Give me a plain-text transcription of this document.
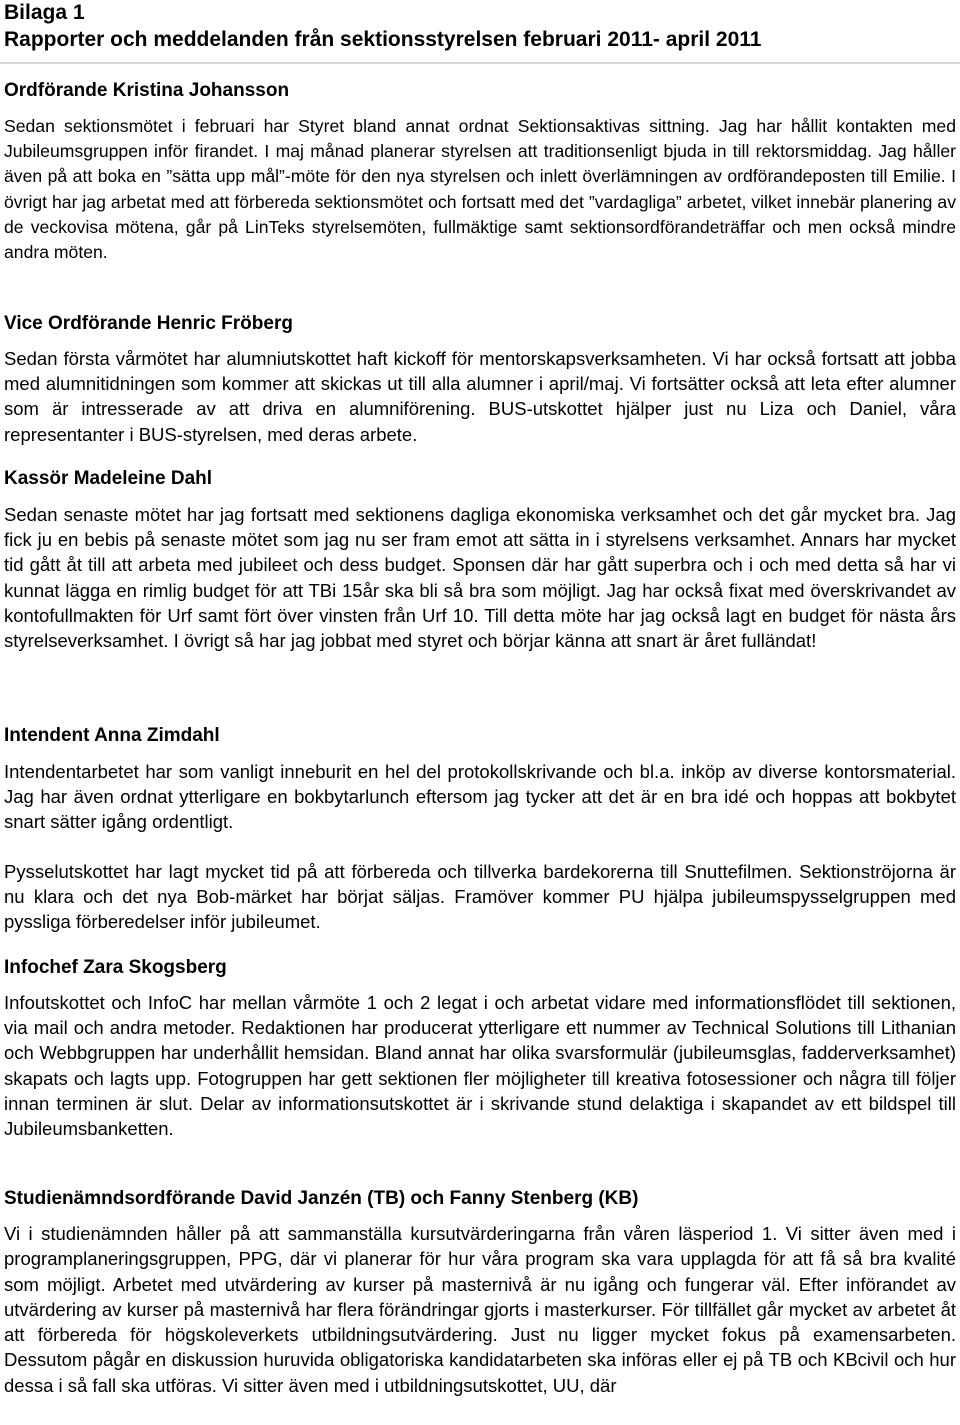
Bilaga 1
Rapporter och meddelanden från sektionsstyrelsen februari 2011- april 2011
Ordförande Kristina Johansson
Sedan sektionsmötet i februari har Styret bland annat ordnat Sektionsaktivas sittning. Jag har hållit kontakten med Jubileumsgruppen inför firandet. I maj månad planerar styrelsen att traditionsenligt bjuda in till rektorsmiddag. Jag håller även på att boka en ”sätta upp mål”-möte för den nya styrelsen och inlett överlämningen av ordförandeposten till Emilie. I övrigt har jag arbetat med att förbereda sektionsmötet och fortsatt med det ”vardagliga” arbetet, vilket innebär planering av de veckovisa mötena, går på LinTeks styrelsemöten, fullmäktige samt sektionsordförandeträffar och men också mindre andra möten.
Vice Ordförande Henric Fröberg
Sedan första vårmötet har alumniutskottet haft kickoff för mentorskapsverksamheten. Vi har också fortsatt att jobba med alumnitidningen som kommer att skickas ut till alla alumner i april/maj. Vi fortsätter också att leta efter alumner som är intresserade av att driva en alumniförening. BUS-utskottet hjälper just nu Liza och Daniel, våra representanter i BUS-styrelsen, med deras arbete.
Kassör Madeleine Dahl
Sedan senaste mötet har jag fortsatt med sektionens dagliga ekonomiska verksamhet och det går mycket bra. Jag fick ju en bebis på senaste mötet som jag nu ser fram emot att sätta in i styrelsens verksamhet. Annars har mycket tid gått åt till att arbeta med jubileet och dess budget. Sponsen där har gått superbra och i och med detta så har vi kunnat lägga en rimlig budget för att TBi 15år ska bli så bra som möjligt. Jag har också fixat med överskrivandet av kontofullmakten för Urf samt fört över vinsten från Urf 10. Till detta möte har jag också lagt en budget för nästa års styrelseverksamhet. I övrigt så har jag jobbat med styret och börjar känna att snart är året fulländat!
Intendent Anna Zimdahl
Intendentarbetet har som vanligt inneburit en hel del protokollskrivande och bl.a. inköp av diverse kontorsmaterial. Jag har även ordnat ytterligare en bokbytarlunch eftersom jag tycker att det är en bra idé och hoppas att bokbytet snart sätter igång ordentligt.
Pysselutskottet har lagt mycket tid på att förbereda och tillverka bardekorerna till Snuttefilmen. Sektionströjorna är nu klara och det nya Bob-märket har börjat säljas. Framöver kommer PU hjälpa jubileumspysselgruppen med pyssliga förberedelser inför jubileumet.
Infochef Zara Skogsberg
Infoutskottet och InfoC har mellan vårmöte 1 och 2 legat i och arbetat vidare med informationsflödet till sektionen, via mail och andra metoder. Redaktionen har producerat ytterligare ett nummer av Technical Solutions till Lithanian och Webbgruppen har underhållit hemsidan. Bland annat har olika svarsformulär (jubileumsglas, fadderverksamhet) skapats och lagts upp. Fotogruppen har gett sektionen fler möjligheter till kreativa fotosessioner och några till följer innan terminen är slut. Delar av informationsutskottet är i skrivande stund delaktiga i skapandet av ett bildspel till Jubileumsbanketten.
Studienämndsordförande David Janzén (TB) och Fanny Stenberg (KB)
Vi i studienämnden håller på att sammanställa kursutvärderingarna från våren läsperiod 1. Vi sitter även med i programplaneringsgruppen, PPG, där vi planerar för hur våra program ska vara upplagda för att få så bra kvalité som möjligt. Arbetet med utvärdering av kurser på masternivå är nu igång och fungerar väl. Efter införandet av utvärdering av kurser på masternivå har flera förändringar gjorts i masterkurser. För tillfället går mycket av arbetet åt att förbereda för högskoleverkets utbildningsutvärdering. Just nu ligger mycket fokus på examensarbeten. Dessutom pågår en diskussion huruvida obligatoriska kandidatarbeten ska införas eller ej på TB och KBcivil och hur dessa i så fall ska utföras. Vi sitter även med i utbildningsutskottet, UU, där
